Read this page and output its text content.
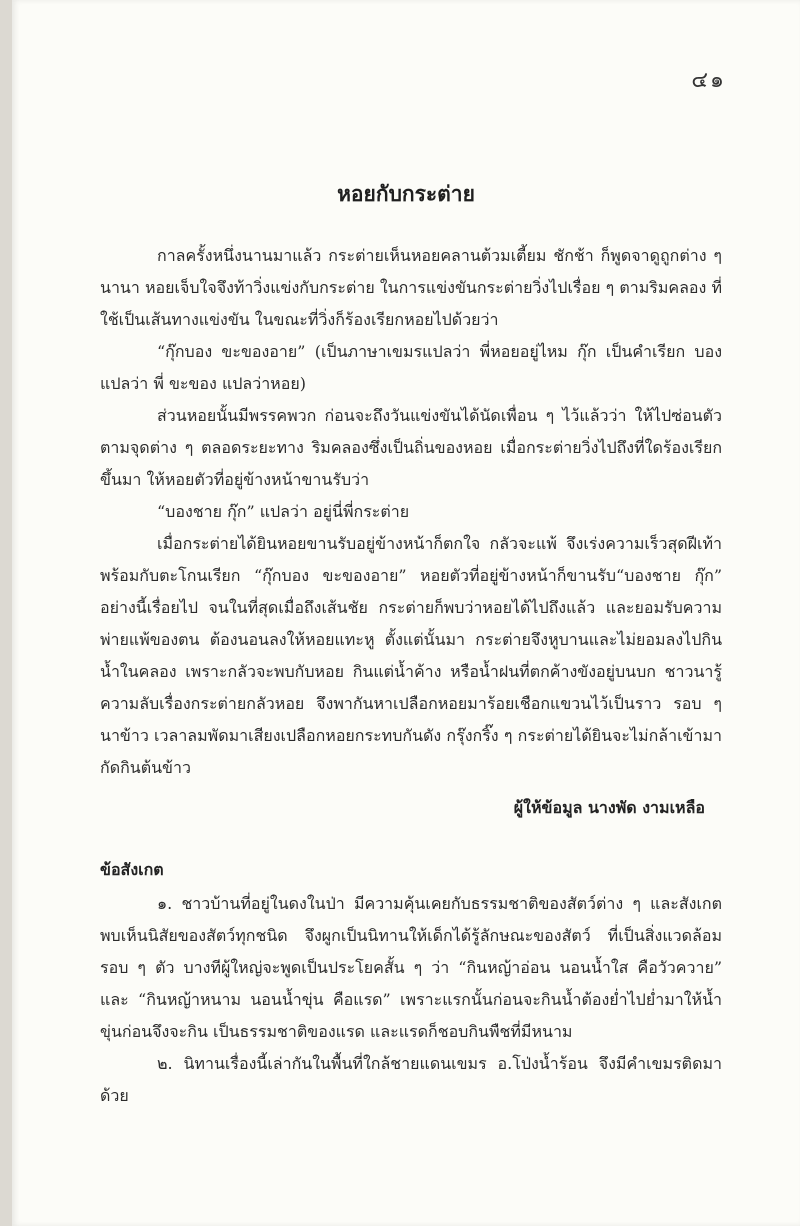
๔๑
หอยกับกระต่าย

กาลครั้งหนึ่งนานมาแล้ว กระต่ายเห็นหอยคลานต้วมเตี้ยม ชักช้า ก็พูดจาดูถูกต่าง ๆ นานา หอยเจ็บใจจึงท้าวิ่งแข่งกับกระต่าย ในการแข่งขันกระต่ายวิ่งไปเรื่อย ๆ ตามริมคลอง ที่ใช้เป็นเส้นทางแข่งขัน ในขณะที่วิ่งก็ร้องเรียกหอยไปด้วยว่า

“กุ๊กบอง ขะของอาย” (เป็นภาษาเขมรแปลว่า พี่หอยอยู่ไหม กุ๊ก เป็นคำเรียก บองแปลว่า พี่ ขะของ แปลว่าหอย)

ส่วนหอยนั้นมีพรรคพวก ก่อนจะถึงวันแข่งขันได้นัดเพื่อน ๆ ไว้แล้วว่า ให้ไปซ่อนตัวตามจุดต่าง ๆ ตลอดระยะทาง ริมคลองซึ่งเป็นถิ่นของหอย เมื่อกระต่ายวิ่งไปถึงที่ใดร้องเรียกขึ้นมา ให้หอยตัวที่อยู่ข้างหน้าขานรับว่า

“บองชาย กุ๊ก” แปลว่า อยู่นี่พี่กระต่าย

เมื่อกระต่ายได้ยินหอยขานรับอยู่ข้างหน้าก็ตกใจ กลัวจะแพ้ จึงเร่งความเร็วสุดฝีเท้า พร้อมกับตะโกนเรียก “กุ๊กบอง ขะของอาย” หอยตัวที่อยู่ข้างหน้าก็ขานรับ“บองชาย กุ๊ก” อย่างนี้เรื่อยไป จนในที่สุดเมื่อถึงเส้นชัย กระต่ายก็พบว่าหอยได้ไปถึงแล้ว และยอมรับความพ่ายแพ้ของตน ต้องนอนลงให้หอยแทะหู ตั้งแต่นั้นมา กระต่ายจึงหูบานและไม่ยอมลงไปกินน้ำในคลอง เพราะกลัวจะพบกับหอย กินแต่น้ำค้าง หรือน้ำฝนที่ตกค้างขังอยู่บนบก ชาวนารู้ความลับเรื่องกระต่ายกลัวหอย จึงพากันหาเปลือกหอยมาร้อยเชือกแขวนไว้เป็นราว รอบ ๆ นาข้าว เวลาลมพัดมาเสียงเปลือกหอยกระทบกันดัง กรุ๊งกริ๊ง ๆ กระต่ายได้ยินจะไม่กล้าเข้ามากัดกินต้นข้าว

ผู้ให้ข้อมูล นางพัด งามเหลือ
ข้อสังเกต

๑. ชาวบ้านที่อยู่ในดงในป่า มีความคุ้นเคยกับธรรมชาติของสัตว์ต่าง ๆ และสังเกตพบเห็นนิสัยของสัตว์ทุกชนิด จึงผูกเป็นนิทานให้เด็กได้รู้ลักษณะของสัตว์ ที่เป็นสิ่งแวดล้อมรอบ ๆ ตัว บางทีผู้ใหญ่จะพูดเป็นประโยคสั้น ๆ ว่า “กินหญ้าอ่อน นอนน้ำใส คือวัวควาย” และ “กินหญ้าหนาม นอนน้ำขุ่น คือแรด” เพราะแรกนั้นก่อนจะกินน้ำต้องย่ำไปย่ำมาให้น้ำขุ่นก่อนจึงจะกิน เป็นธรรมชาติของแรด และแรดก็ชอบกินพืชที่มีหนาม

๒. นิทานเรื่องนี้เล่ากันในพื้นที่ใกล้ชายแดนเขมร อ.โป่งน้ำร้อน จึงมีคำเขมรติดมาด้วย
